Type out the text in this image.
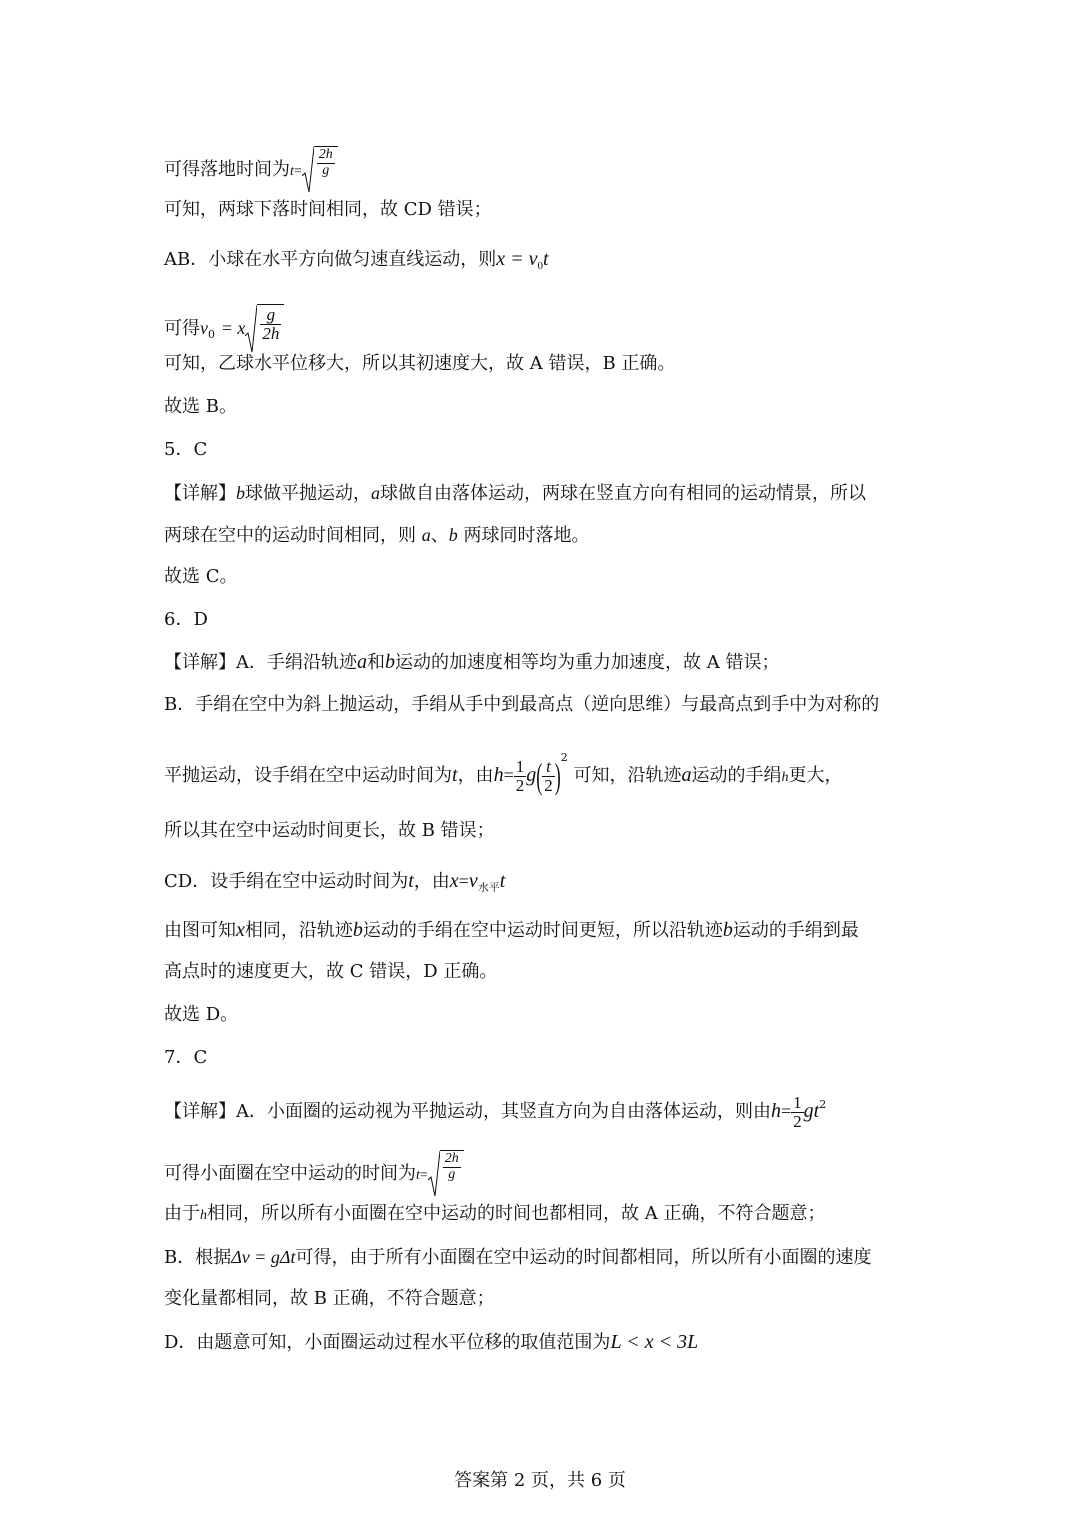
可得落地时间为$t= \frac{2h}{g}$
可知，两球下落时间相同，故 CD 错误；
AB．小球在水平方向做匀速直线运动，则$x = v_0t$
可得$v_0 = x \frac{g}{2h}$
可知，乙球水平位移大，所以其初速度大，故 A 错误，B 正确。
故选 B。
5．C
【详解】b球做平抛运动，a球做自由落体运动，两球在竖直方向有相同的运动情景，所以
两球在空中的运动时间相同，则 a、b 两球同时落地。
故选 C。
6．D
【详解】A．手绢沿轨迹a和b运动的加速度相等均为重力加速度，故 A 错误；
B．手绢在空中为斜上抛运动，手绢从手中到最高点（逆向思维）与最高点到手中为对称的
平抛运动，设手绢在空中运动时间为t，由$h= \frac{1}{2} g( \frac{t}{2} )^2$ 可知，沿轨迹a运动的手绢h更大，
所以其在空中运动时间更长，故 B 错误；
CD．设手绢在空中运动时间为t，由$x=v_{水平}t$
由图可知x相同，沿轨迹b运动的手绢在空中运动时间更短，所以沿轨迹b运动的手绢到最
高点时的速度更大，故 C 错误，D 正确。
故选 D。
7．C
【详解】A．小面圈的运动视为平抛运动，其竖直方向为自由落体运动，则由$h= \frac{1}{2} gt^2$
可得小面圈在空中运动的时间为$t= \frac{2h}{g}$
由于h相同，所以所有小面圈在空中运动的时间也都相同，故 A 正确，不符合题意；
B．根据Δv = gΔt可得，由于所有小面圈在空中运动的时间都相同，所以所有小面圈的速度
变化量都相同，故 B 正确，不符合题意；
D．由题意可知，小面圈运动过程水平位移的取值范围为L < x < 3L
答案第 2 页，共 6 页
